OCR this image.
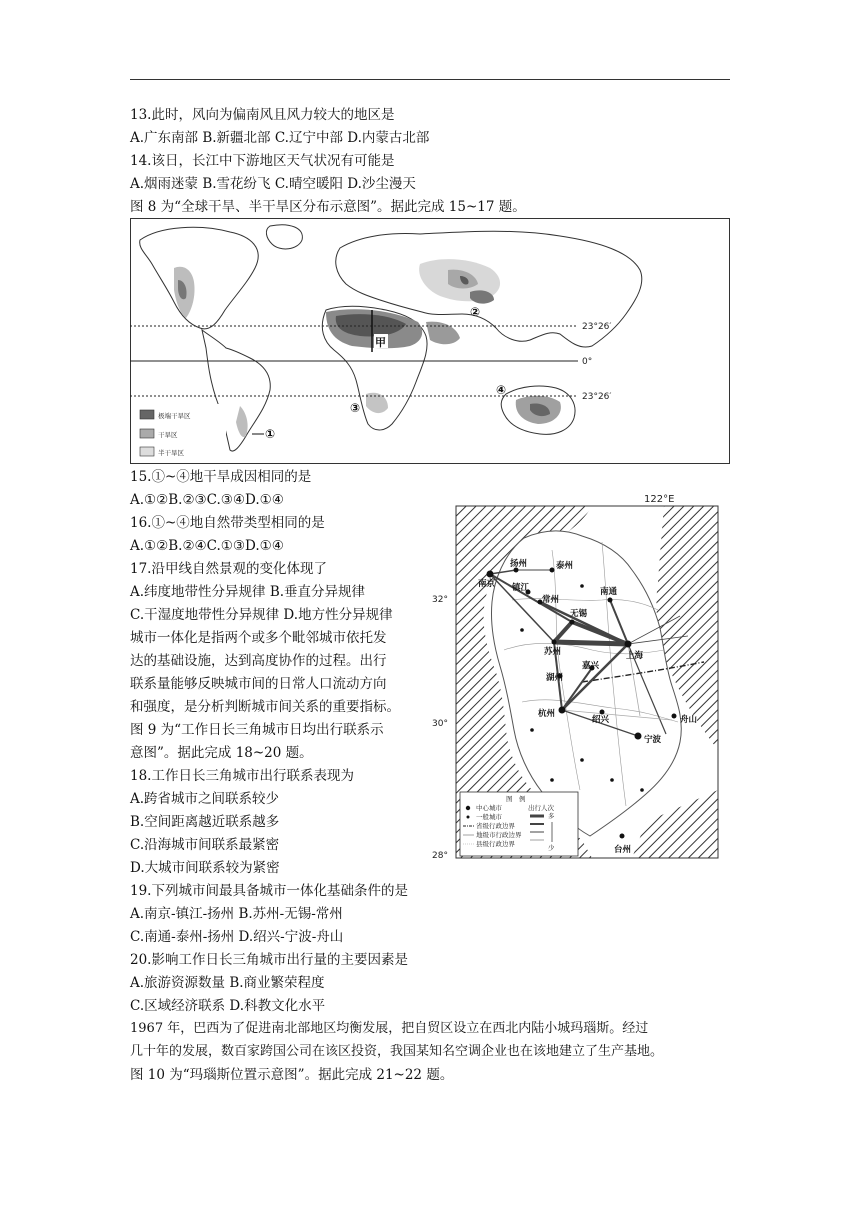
13.此时，风向为偏南风且风力较大的地区是
A.广东南部 B.新疆北部 C.辽宁中部 D.内蒙古北部
14.该日，长江中下游地区天气状况有可能是
A.烟雨迷蒙 B.雪花纷飞 C.晴空暖阳 D.沙尘漫天
图 8 为“全球干旱、半干旱区分布示意图”。据此完成 15~17 题。
23°26′
0°
23°26′
甲
①
②
③
④
极端干旱区
干旱区
半干旱区
15.①~④地干旱成因相同的是
A.①②B.②③C.③④D.①④
16.①~④地自然带类型相同的是
A.①②B.②④C.①③D.①④
17.沿甲线自然景观的变化体现了
A.纬度地带性分异规律 B.垂直分异规律
C.干湿度地带性分异规律 D.地方性分异规律
城市一体化是指两个或多个毗邻城市依托发
达的基础设施，达到高度协作的过程。出行
联系量能够反映城市间的日常人口流动方向
和强度，是分析判断城市间关系的重要指标。
图 9 为“工作日长三角城市日均出行联系示
意图”。据此完成 18~20 题。
18.工作日长三角城市出行联系表现为
A.跨省城市之间联系较少
B.空间距离越近联系越多
C.沿海城市间联系最紧密
D.大城市间联系较为紧密
19.下列城市间最具备城市一体化基础条件的是
A.南京-镇江-扬州 B.苏州-无锡-常州
C.南通-泰州-扬州 D.绍兴-宁波-舟山
20.影响工作日长三角城市出行量的主要因素是
A.旅游资源数量 B.商业繁荣程度
C.区域经济联系 D.科教文化水平
1967 年，巴西为了促进南北部地区均衡发展，把自贸区设立在西北内陆小城玛瑙斯。经过
几十年的发展，数百家跨国公司在该区投资，我国某知名空调企业也在该地建立了生产基地。
图 10 为“玛瑙斯位置示意图”。据此完成 21~22 题。
122°E
扬州	泰州
镇江	南通
南京
常州
无锡
苏州	上海
湖州
嘉兴
杭州
绍兴	舟山
宁波
台州
32°
30°
28°
图　例
中心城市
一般城市
省级行政边界
地级市行政边界
县级行政边界
出行人次
多
少
